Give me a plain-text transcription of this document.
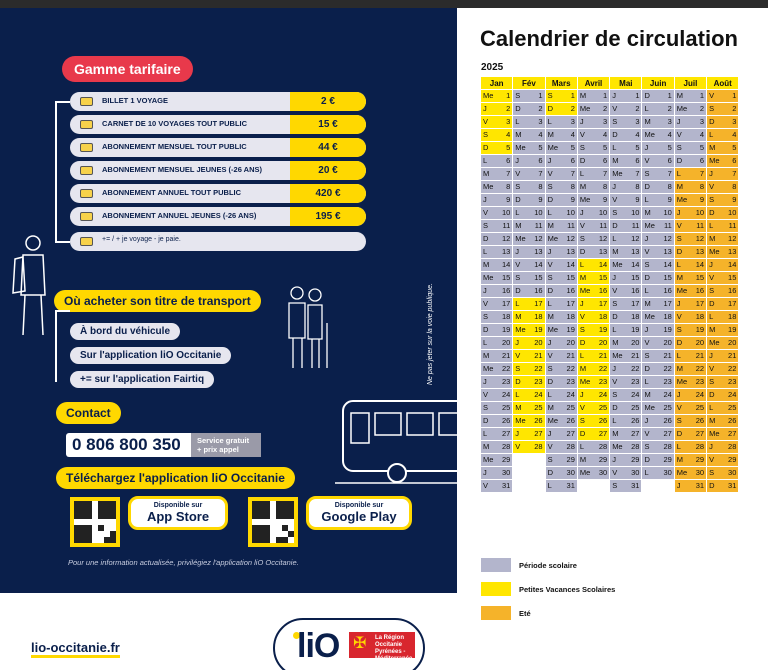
Gamme tarifaire
BILLET 1 VOYAGE	2 €
CARNET DE 10 VOYAGES TOUT PUBLIC	15 €
ABONNEMENT MENSUEL TOUT PUBLIC	44 €
ABONNEMENT MENSUEL JEUNES (-26 ANS)	20 €
ABONNEMENT ANNUEL TOUT PUBLIC	420 €
ABONNEMENT ANNUEL JEUNES (-26 ANS)	195 €
+= / + je voyage - je paie.
Où acheter son titre de transport
À bord du véhicule
Sur l'application liO Occitanie
+= sur l'application Fairtiq
Contact
0 806 800 350	Service gratuit + prix appel
Téléchargez l'application liO Occitanie
Disponible sur
App Store
Disponible sur
Google Play
Pour une information actualisée, privilégiez l'application liO Occitanie.
Ne pas jeter sur la voie publique.
Calendrier de circulation
2025
Jan	Fév	Mars	Avril	Mai	Juin	Juil	Août

Me 1	S 1	S 1	M 1	J 1	D 1	M 1	V 1

J 2	D 2	D 2	Me 2	V 2	L 2	Me 2	S 2

V 3	L 3	L 3	J 3	S 3	M 3	J 3	D 3

S 4	M 4	M 4	V 4	D 4	Me 4	V 4	L 4

D 5	Me 5	Me 5	S 5	L 5	J 5	S 5	M 5

L 6	J 6	J 6	D 6	M 6	V 6	D 6	Me 6

M 7	V 7	V 7	L 7	Me 7	S 7	L 7	J 7

Me 8	S 8	S 8	M 8	J 8	D 8	M 8	V 8

J 9	D 9	D 9	Me 9	V 9	L 9	Me 9	S 9

V 10	L 10	L 10	J 10	S 10	M 10	J 10	D 10

S 11	M 11	M 11	V 11	D 11	Me 11	V 11	L 11

D 12	Me 12	Me 12	S 12	L 12	J 12	S 12	M 12

L 13	J 13	J 13	D 13	M 13	V 13	D 13	Me 13

M 14	V 14	V 14	L 14	Me 14	S 14	L 14	J 14

Me 15	S 15	S 15	M 15	J 15	D 15	M 15	V 15

J 16	D 16	D 16	Me 16	V 16	L 16	Me 16	S 16

V 17	L 17	L 17	J 17	S 17	M 17	J 17	D 17

S 18	M 18	M 18	V 18	D 18	Me 18	V 18	L 18

D 19	Me 19	Me 19	S 19	L 19	J 19	S 19	M 19

L 20	J 20	J 20	D 20	M 20	V 20	D 20	Me 20

M 21	V 21	V 21	L 21	Me 21	S 21	L 21	J 21

Me 22	S 22	S 22	M 22	J 22	D 22	M 22	V 22

J 23	D 23	D 23	Me 23	V 23	L 23	Me 23	S 23

V 24	L 24	L 24	J 24	S 24	M 24	J 24	D 24

S 25	M 25	M 25	V 25	D 25	Me 25	V 25	L 25

D 26	Me 26	Me 26	S 26	L 26	J 26	S 26	M 26

L 27	J 27	J 27	D 27	M 27	V 27	D 27	Me 27

M 28	V 28	V 28	L 28	Me 28	S 28	L 28	J 28

Me 29		S 29	M 29	J 29	D 29	M 29	V 29

J 30		D 30	Me 30	V 30	L 30	Me 30	S 30

V 31		L 31		S 31		J 31	D 31
Période scolaire
Petites Vacances Scolaires
Eté
lio-occitanie.fr	liO	La Région Occitanie Pyrénées - Méditerranée
✠
